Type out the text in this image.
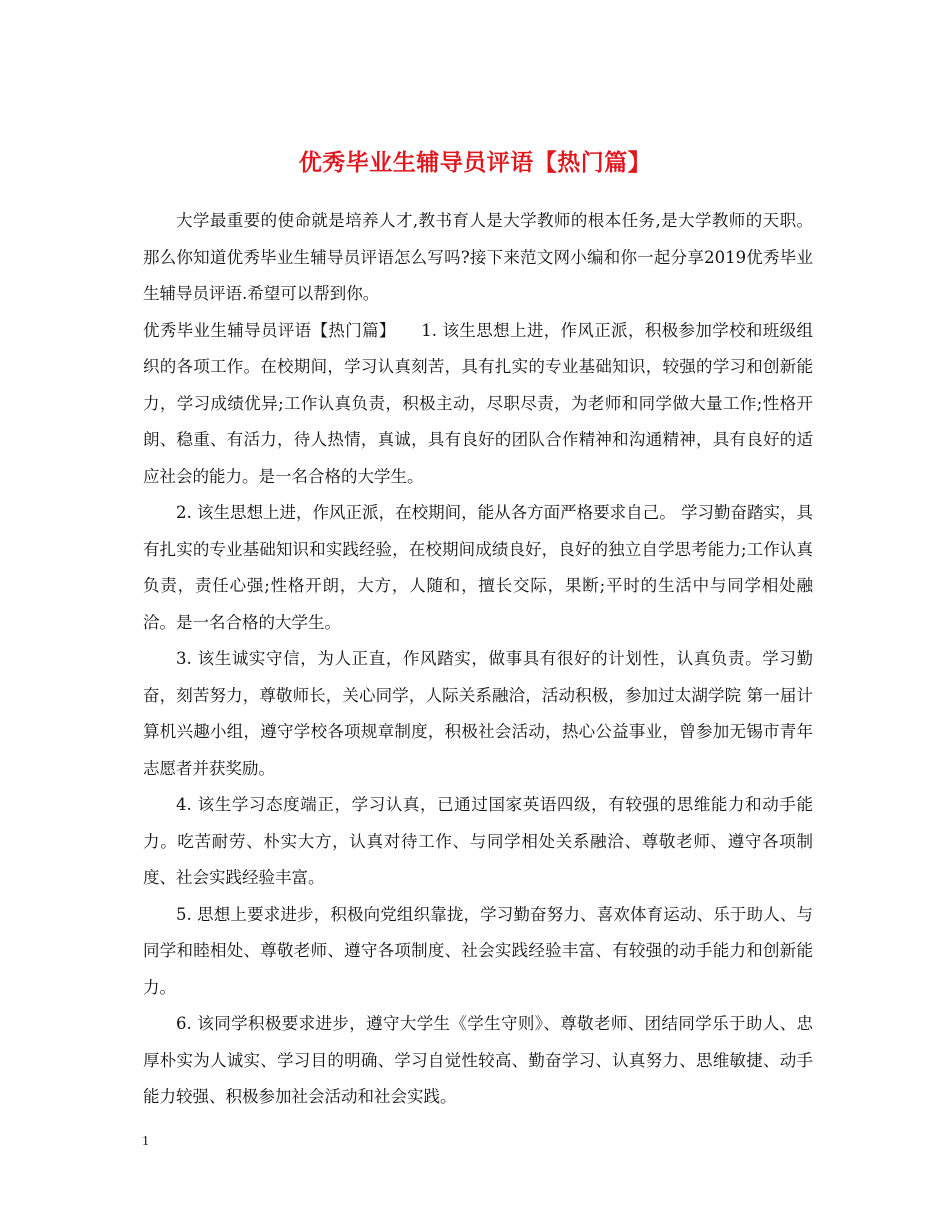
优秀毕业生辅导员评语【热门篇】

大学最重要的使命就是培养人才,教书育人是大学教师的根本任务,是大学教师的天职。那么你知道优秀毕业生辅导员评语怎么写吗?接下来范文网小编和你一起分享2019优秀毕业生辅导员评语.希望可以帮到你。

优秀毕业生辅导员评语【热门篇】　　1. 该生思想上进，作风正派，积极参加学校和班级组织的各项工作。在校期间，学习认真刻苦，具有扎实的专业基础知识，较强的学习和创新能力，学习成绩优异;工作认真负责，积极主动，尽职尽责，为老师和同学做大量工作;性格开朗、稳重、有活力，待人热情，真诚，具有良好的团队合作精神和沟通精神，具有良好的适应社会的能力。是一名合格的大学生。

2. 该生思想上进，作风正派，在校期间，能从各方面严格要求自己。 学习勤奋踏实，具有扎实的专业基础知识和实践经验，在校期间成绩良好，良好的独立自学思考能力;工作认真负责，责任心强;性格开朗，大方，人随和，擅长交际，果断;平时的生活中与同学相处融洽。是一名合格的大学生。

3. 该生诚实守信，为人正直，作风踏实，做事具有很好的计划性，认真负责。学习勤奋，刻苦努力，尊敬师长，关心同学，人际关系融洽，活动积极，参加过太湖学院 第一届计算机兴趣小组，遵守学校各项规章制度，积极社会活动，热心公益事业，曾参加无锡市青年志愿者并获奖励。

4. 该生学习态度端正，学习认真，已通过国家英语四级，有较强的思维能力和动手能力。吃苦耐劳、朴实大方，认真对待工作、与同学相处关系融洽、尊敬老师、遵守各项制度、社会实践经验丰富。

5. 思想上要求进步，积极向党组织靠拢，学习勤奋努力、喜欢体育运动、乐于助人、与同学和睦相处、尊敬老师、遵守各项制度、社会实践经验丰富、有较强的动手能力和创新能力。

6. 该同学积极要求进步，遵守大学生《学生守则》、尊敬老师、团结同学乐于助人、忠厚朴实为人诚实、学习目的明确、学习自觉性较高、勤奋学习、认真努力、思维敏捷、动手能力较强、积极参加社会活动和社会实践。

1
